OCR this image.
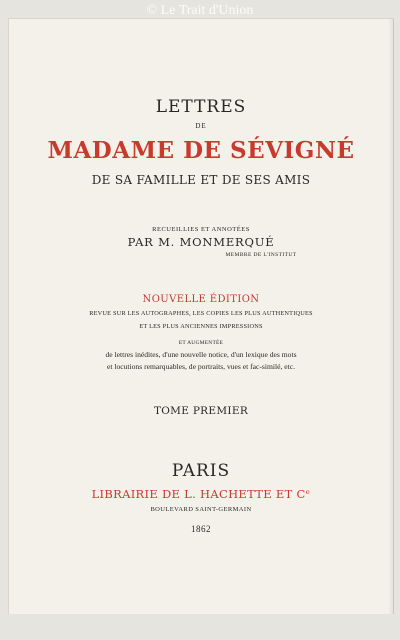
© Le Trait d'Union
LETTRES
DE
MADAME DE SÉVIGNÉ
DE SA FAMILLE ET DE SES AMIS
RECUEILLIES ET ANNOTÉES
PAR M. MONMERQUÉ
MEMBRE DE L'INSTITUT
NOUVELLE ÉDITION
REVUE SUR LES AUTOGRAPHES, LES COPIES LES PLUS AUTHENTIQUES
ET LES PLUS ANCIENNES IMPRESSIONS
ET AUGMENTÉE
de lettres inédites, d'une nouvelle notice, d'un lexique des mots
et locutions remarquables, de portraits, vues et fac-similé, etc.
TOME PREMIER
PARIS
LIBRAIRIE DE L. HACHETTE ET Cᵉ
BOULEVARD SAINT-GERMAIN
1862
